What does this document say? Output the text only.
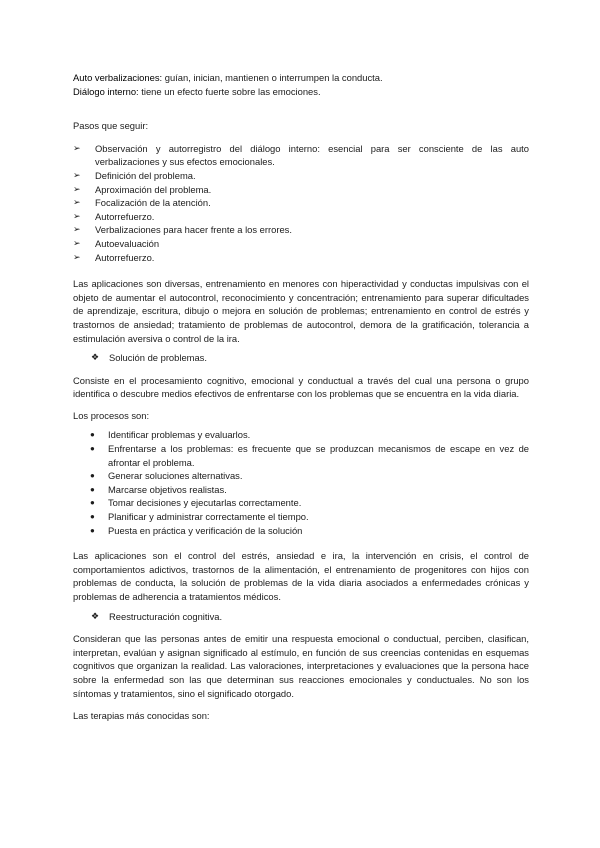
Auto verbalizaciones: guían, inician, mantienen o interrumpen la conducta.

Diálogo interno: tiene un efecto fuerte sobre las emociones.

Pasos que seguir:

➢ Observación y autorregistro del diálogo interno: esencial para ser consciente de las auto verbalizaciones y sus efectos emocionales.
➢ Definición del problema.
➢ Aproximación del problema.
➢ Focalización de la atención.
➢ Autorrefuerzo.
➢ Verbalizaciones para hacer frente a los errores.
➢ Autoevaluación
➢ Autorrefuerzo.

Las aplicaciones son diversas, entrenamiento en menores con hiperactividad y conductas impulsivas con el objeto de aumentar el autocontrol, reconocimiento y concentración; entrenamiento para superar dificultades de aprendizaje, escritura, dibujo o mejora en solución de problemas; entrenamiento en control de estrés y trastornos de ansiedad; tratamiento de problemas de autocontrol, demora de la gratificación, tolerancia a estimulación aversiva o control de la ira.

❖ Solución de problemas.

Consiste en el procesamiento cognitivo, emocional y conductual a través del cual una persona o grupo identifica o descubre medios efectivos de enfrentarse con los problemas que se encuentra en la vida diaria.

Los procesos son:

● Identificar problemas y evaluarlos.
● Enfrentarse a los problemas: es frecuente que se produzcan mecanismos de escape en vez de afrontar el problema.
● Generar soluciones alternativas.
● Marcarse objetivos realistas.
● Tomar decisiones y ejecutarlas correctamente.
● Planificar y administrar correctamente el tiempo.
● Puesta en práctica y verificación de la solución

Las aplicaciones son el control del estrés, ansiedad e ira, la intervención en crisis, el control de comportamientos adictivos, trastornos de la alimentación, el entrenamiento de progenitores con hijos con problemas de conducta, la solución de problemas de la vida diaria asociados a enfermedades crónicas y problemas de adherencia a tratamientos médicos.

❖ Reestructuración cognitiva.

Consideran que las personas antes de emitir una respuesta emocional o conductual, perciben, clasifican, interpretan, evalúan y asignan significado al estímulo, en función de sus creencias contenidas en esquemas cognitivos que organizan la realidad. Las valoraciones, interpretaciones y evaluaciones que la persona hace sobre la enfermedad son las que determinan sus reacciones emocionales y conductuales. No son los síntomas y tratamientos, sino el significado otorgado.

Las terapias más conocidas son:
